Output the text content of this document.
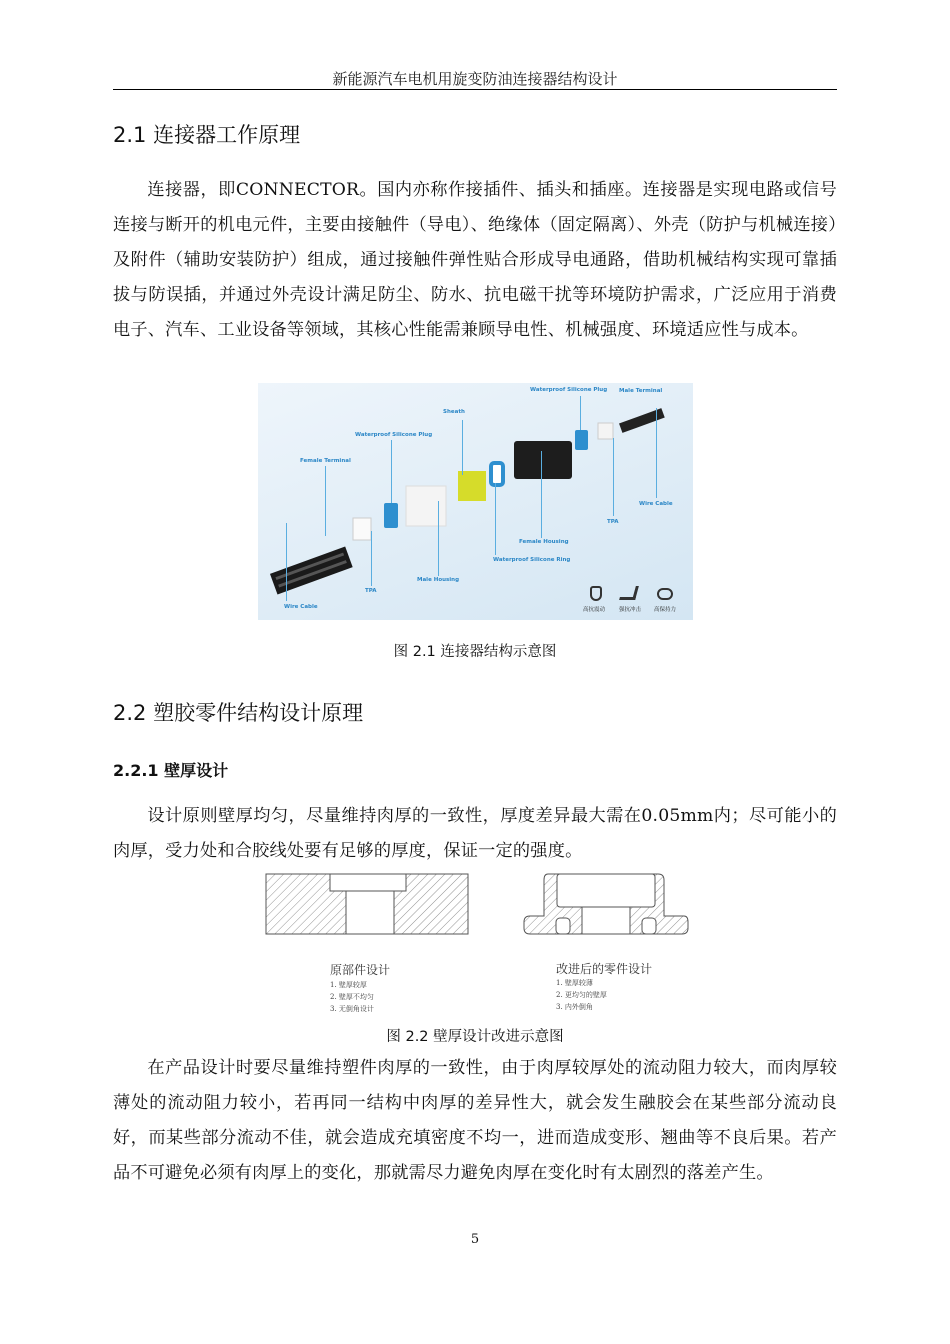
新能源汽车电机用旋变防油连接器结构设计
2.1 连接器工作原理
连接器，即CONNECTOR。国内亦称作接插件、插头和插座。连接器是实现电路或信号连接与断开的机电元件，主要由接触件（导电）、绝缘体（固定隔离）、外壳（防护与机械连接）及附件（辅助安装防护）组成，通过接触件弹性贴合形成导电通路，借助机械结构实现可靠插拔与防误插，并通过外壳设计满足防尘、防水、抗电磁干扰等环境防护需求，广泛应用于消费电子、汽车、工业设备等领域，其核心性能需兼顾导电性、机械强度、环境适应性与成本。
Wire Cable
Female Terminal
TPA
Waterproof Silicone Plug
Male Housing
Sheath
Waterproof Silicone Ring
Female Housing
Waterproof Silicone Plug
TPA
Male Terminal
Wire Cable
高抗震动	强抗冲击 高保持力
图 2.1 连接器结构示意图
2.2 塑胶零件结构设计原理
2.2.1 壁厚设计
设计原则壁厚均匀，尽量维持肉厚的一致性，厚度差异最大需在0.05mm内；尽可能小的肉厚，受力处和合胶线处要有足够的厚度，保证一定的强度。
原部件设计
1. 壁厚较厚
2. 壁厚不均匀
3. 无倒角设计
改进后的零件设计
1. 壁厚较薄
2. 更均匀的壁厚
3. 内外倒角
图 2.2 壁厚设计改进示意图
在产品设计时要尽量维持塑件肉厚的一致性，由于肉厚较厚处的流动阻力较大，而肉厚较薄处的流动阻力较小，若再同一结构中肉厚的差异性大，就会发生融胶会在某些部分流动良好，而某些部分流动不佳，就会造成充填密度不均一，进而造成变形、翘曲等不良后果。若产品不可避免必须有肉厚上的变化，那就需尽力避免肉厚在变化时有太剧烈的落差产生。
5
